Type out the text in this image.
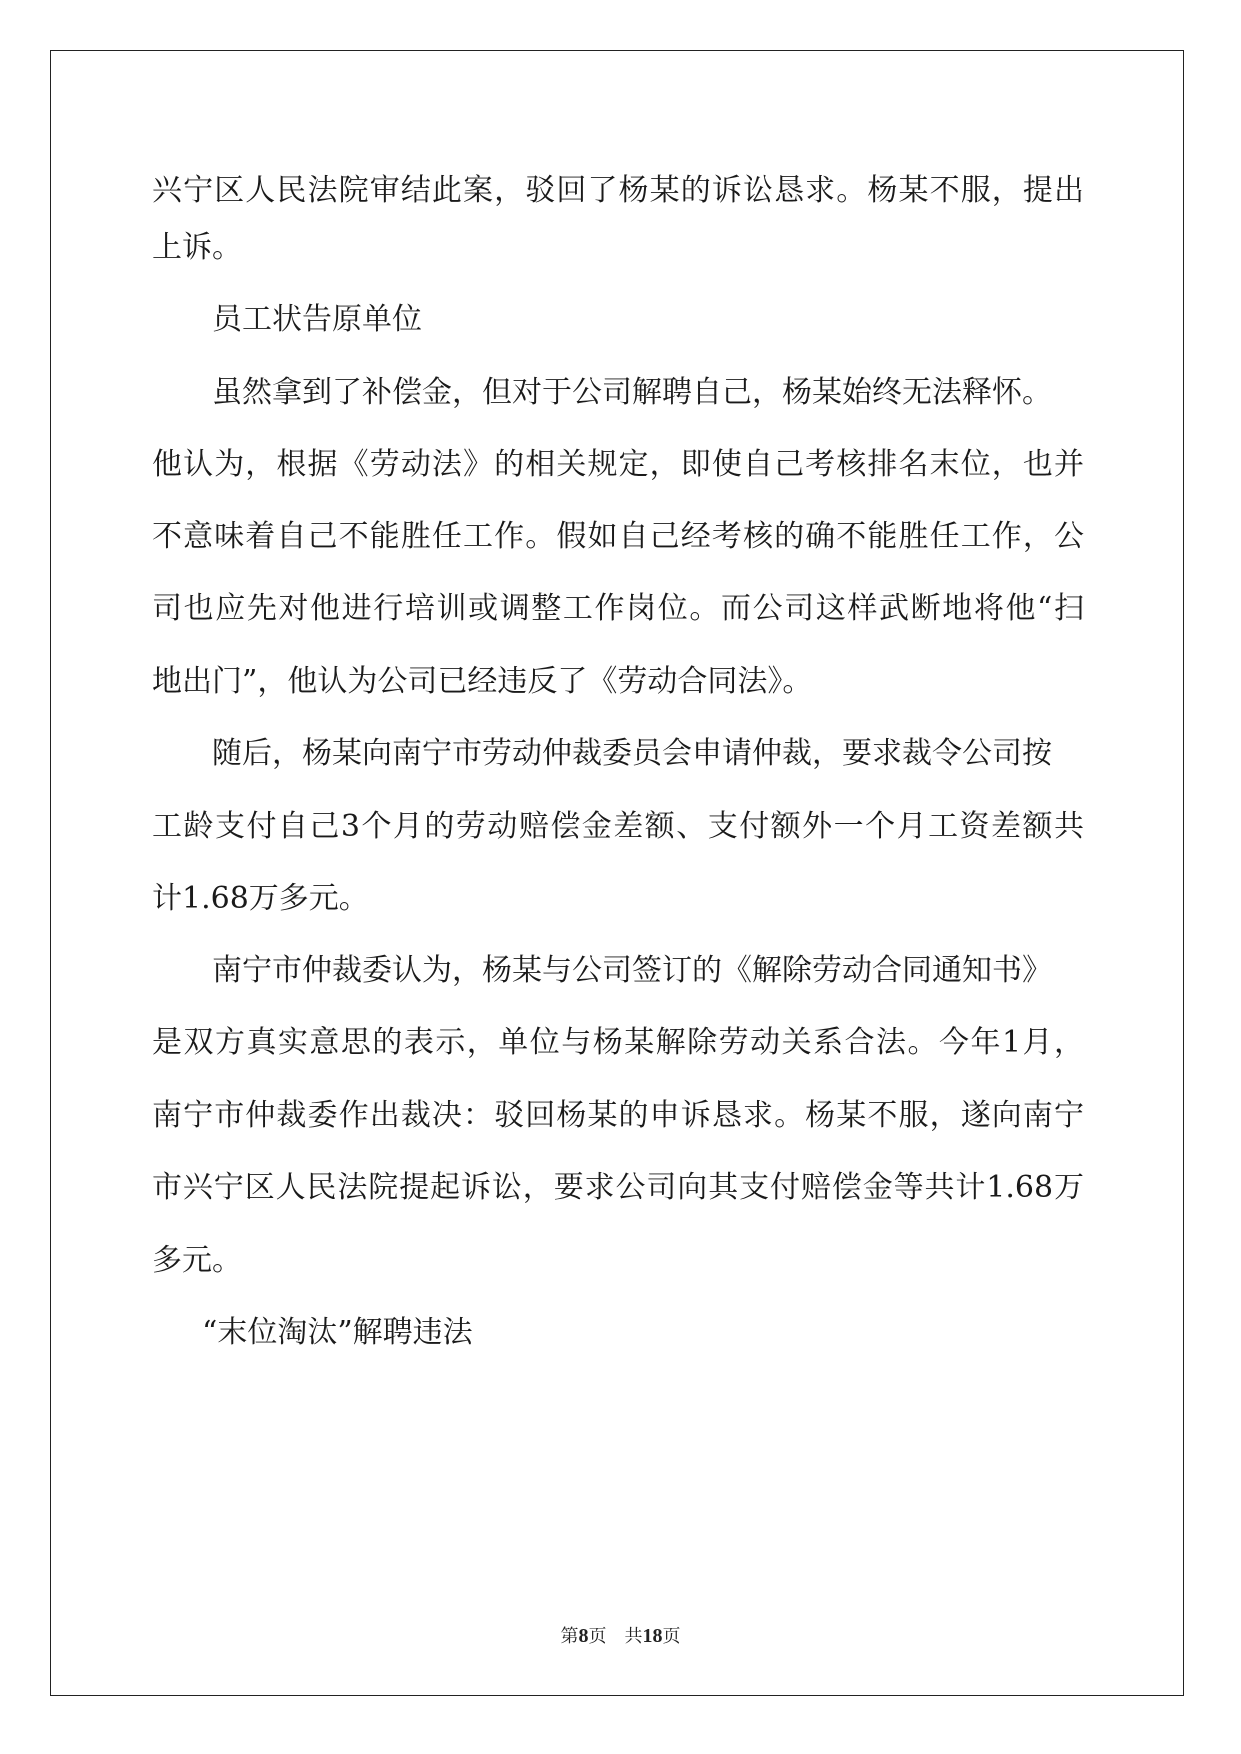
兴宁区人民法院审结此案，驳回了杨某的诉讼恳求。杨某不服，提出
上诉。
员工状告原单位
虽然拿到了补偿金，但对于公司解聘自己，杨某始终无法释怀。
他认为，根据《劳动法》的相关规定，即使自己考核排名末位，也并
不意味着自己不能胜任工作。假如自己经考核的确不能胜任工作，公
司也应先对他进行培训或调整工作岗位。而公司这样武断地将他“扫
地出门”，他认为公司已经违反了《劳动合同法》。
随后，杨某向南宁市劳动仲裁委员会申请仲裁，要求裁令公司按
工龄支付自己3个月的劳动赔偿金差额、支付额外一个月工资差额共
计1.68万多元。
南宁市仲裁委认为，杨某与公司签订的《解除劳动合同通知书》
是双方真实意思的表示，单位与杨某解除劳动关系合法。今年1月，
南宁市仲裁委作出裁决：驳回杨某的申诉恳求。杨某不服，遂向南宁
市兴宁区人民法院提起诉讼，要求公司向其支付赔偿金等共计1.68万
多元。
“末位淘汰”解聘违法
第8页　共18页
